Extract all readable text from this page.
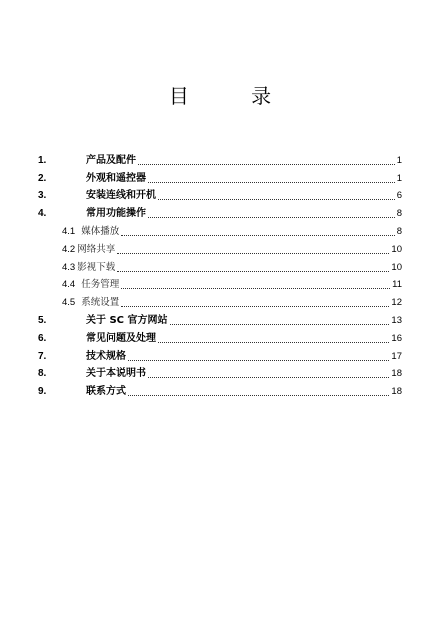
目 录
1.	产品及配件	1
2.	外观和遥控器	1
3.	安装连线和开机	6
4.	常用功能操作	8
4.1 媒体播放	8
4.2 网络共享	10
4.3 影视下载	10
4.4 任务管理	11
4.5 系统设置	12
5.	关于 SC 官方网站	13
6.	常见问题及处理	16
7.	技术规格	17
8.	关于本说明书	18
9.	联系方式	18
